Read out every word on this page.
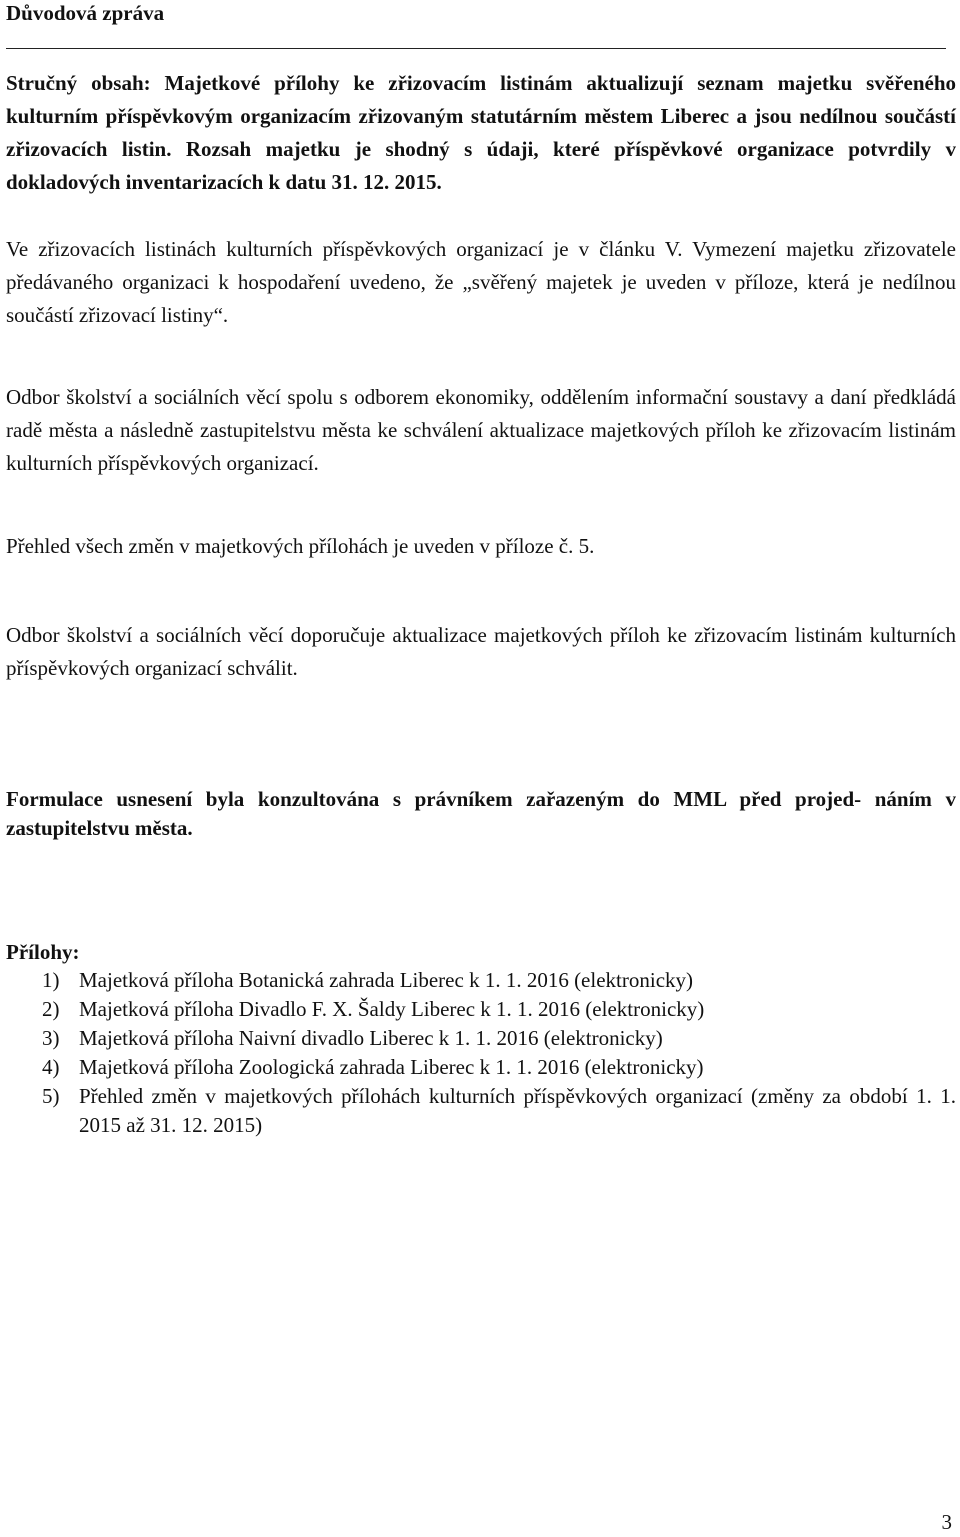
Důvodová zpráva

Stručný obsah: Majetkové přílohy ke zřizovacím listinám aktualizují seznam majetku svěřeného kulturním příspěvkovým organizacím zřizovaným statutárním městem Liberec a jsou nedílnou součástí zřizovacích listin. Rozsah majetku je shodný s údaji, které příspěvkové organizace potvrdily v dokladových inventarizacích k datu 31. 12. 2015.

Ve zřizovacích listinách kulturních příspěvkových organizací je v článku V. Vymezení majetku zřizovatele předávaného organizaci k hospodaření uvedeno, že „svěřený majetek je uveden v příloze, která je nedílnou součástí zřizovací listiny“.

Odbor školství a sociálních věcí spolu s odborem ekonomiky, oddělením informační soustavy a daní předkládá radě města a následně zastupitelstvu města ke schválení aktualizace majetkových příloh ke zřizovacím listinám kulturních příspěvkových organizací.

Přehled všech změn v majetkových přílohách je uveden v příloze č. 5.

Odbor školství a sociálních věcí doporučuje aktualizace majetkových příloh ke zřizovacím listinám kulturních příspěvkových organizací schválit.

Formulace usnesení byla konzultována s právníkem zařazeným do MML před projed- náním v zastupitelstvu města.

Přílohy:
1) Majetková příloha Botanická zahrada Liberec k 1. 1. 2016 (elektronicky)
2) Majetková příloha Divadlo F. X. Šaldy Liberec k 1. 1. 2016 (elektronicky)
3) Majetková příloha Naivní divadlo Liberec k 1. 1. 2016 (elektronicky)
4) Majetková příloha Zoologická zahrada Liberec k 1. 1. 2016 (elektronicky)
5) Přehled změn v majetkových přílohách kulturních příspěvkových organizací (změny za období 1. 1. 2015 až 31. 12. 2015)
3
